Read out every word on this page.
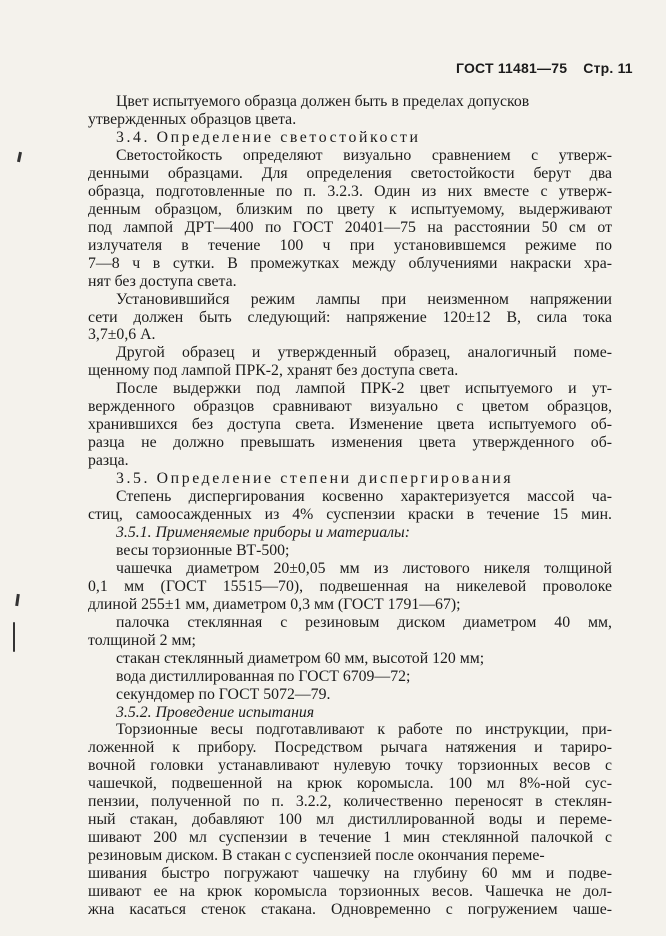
ГОСТ 11481—75 Стр. 11
Цвет испытуемого образца должен быть в пределах допусков
утвержденных образцов цвета.
3.4. Определение светостойкости
Светостойкость определяют визуально сравнением с утверж-
денными образцами. Для определения светостойкости берут два
образца, подготовленные по п. 3.2.3. Один из них вместе с утверж-
денным образцом, близким по цвету к испытуемому, выдерживают
под лампой ДРТ—400 по ГОСТ 20401—75 на расстоянии 50 см от
излучателя в течение 100 ч при установившемся режиме по
7—8 ч в сутки. В промежутках между облучениями накраски хра-
нят без доступа света.
Установившийся режим лампы при неизменном напряжении
сети должен быть следующий: напряжение 120±12 В, сила тока
3,7±0,6 А.
Другой образец и утвержденный образец, аналогичный поме-
щенному под лампой ПРК-2, хранят без доступа света.
После выдержки под лампой ПРК-2 цвет испытуемого и ут-
вержденного образцов сравнивают визуально с цветом образцов,
хранившихся без доступа света. Изменение цвета испытуемого об-
разца не должно превышать изменения цвета утвержденного об-
разца.
3.5. Определение степени диспергирования
Степень диспергирования косвенно характеризуется массой ча-
стиц, самоосажденных из 4% суспензии краски в течение 15 мин.
3.5.1. Применяемые приборы и материалы:
весы торзионные ВТ-500;
чашечка диаметром 20±0,05 мм из листового никеля толщиной
0,1 мм (ГОСТ 15515—70), подвешенная на никелевой проволоке
длиной 255±1 мм, диаметром 0,3 мм (ГОСТ 1791—67);
палочка стеклянная с резиновым диском диаметром 40 мм,
толщиной 2 мм;
стакан стеклянный диаметром 60 мм, высотой 120 мм;
вода дистиллированная по ГОСТ 6709—72;
секундомер по ГОСТ 5072—79.
3.5.2. Проведение испытания
Торзионные весы подготавливают к работе по инструкции, при-
ложенной к прибору. Посредством рычага натяжения и тариро-
вочной головки устанавливают нулевую точку торзионных весов с
чашечкой, подвешенной на крюк коромысла. 100 мл 8%-ной сус-
пензии, полученной по п. 3.2.2, количественно переносят в стеклян-
ный стакан, добавляют 100 мл дистиллированной воды и переме-
шивают 200 мл суспензии в течение 1 мин стеклянной палочкой с
резиновым диском. В стакан с суспензией после окончания переме-
шивания быстро погружают чашечку на глубину 60 мм и подве-
шивают ее на крюк коромысла торзионных весов. Чашечка не дол-
жна касаться стенок стакана. Одновременно с погружением чаше-
